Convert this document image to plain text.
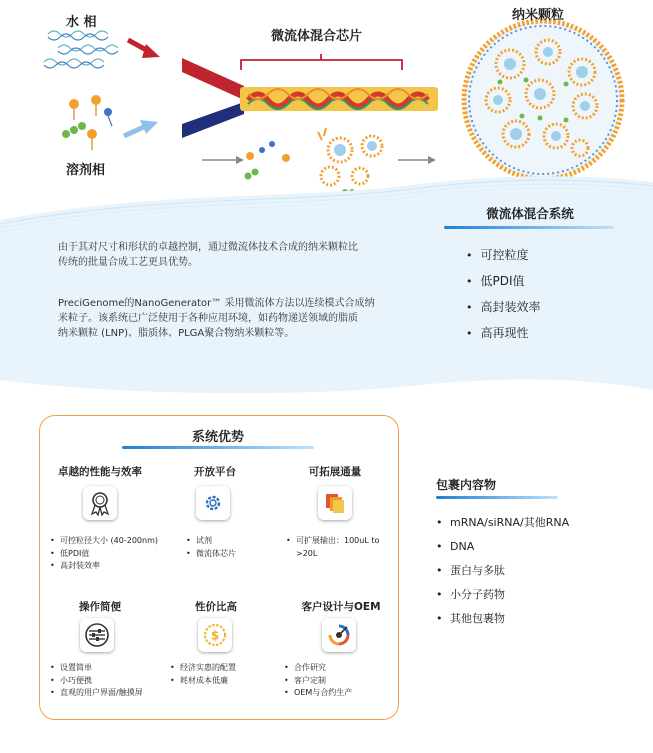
水 相
溶剂相
微流体混合芯片
纳米颗粒
由于其对尺寸和形状的卓越控制，通过微流体技术合成的纳米颗粒比
传统的批量合成工艺更具优势。
PreciGenome的NanoGenerator™ 采用微流体方法以连续模式合成纳
米粒子。该系统已广泛使用于各种应用环境，如药物递送领域的脂质
纳米颗粒 (LNP)、脂质体、PLGA聚合物纳米颗粒等。
微流体混合系统
• 可控粒度
• 低PDI值
• 高封装效率
• 高再现性
系统优势
卓越的性能与效率
• 可控粒径大小 (40-200nm)
• 低PDI值
• 高封装效率
开放平台
• 试剂
• 微流体芯片
可拓展通量
• 可扩展输出：100uL to
>20L
操作简便
• 设置简单
• 小巧便携
• 直观的用户界面/触摸屏
性价比高
$
• 经济实惠的配置
• 耗材成本低廉
客户设计与OEM
• 合作研究
• 客户定制
• OEM与合约生产
包裹内容物
• mRNA/siRNA/其他RNA
• DNA
• 蛋白与多肽
• 小分子药物
• 其他包裹物
